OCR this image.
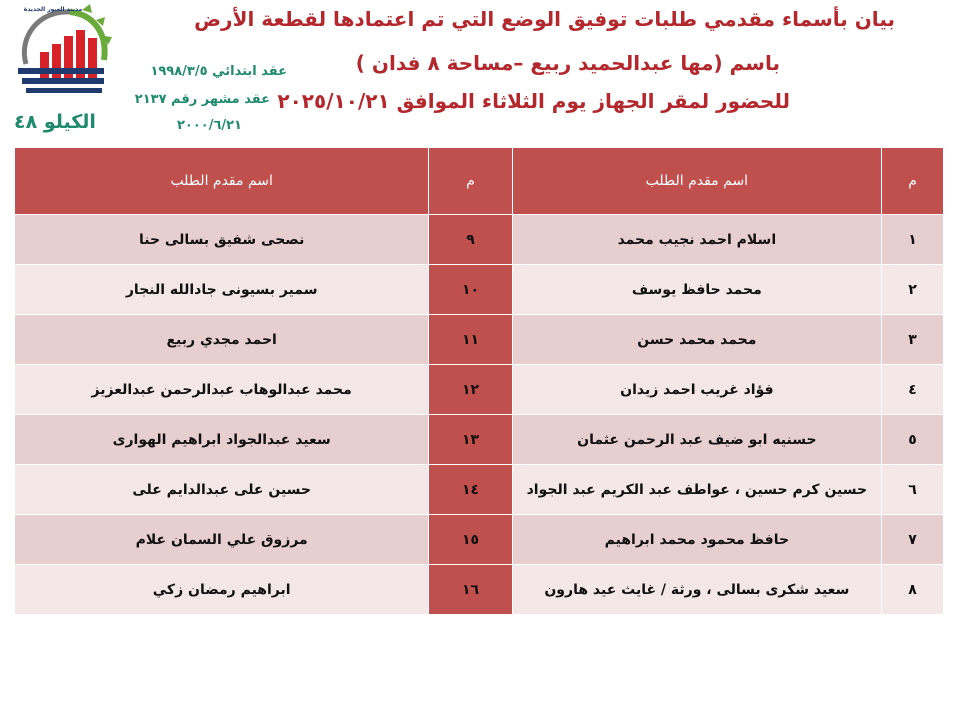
بيان بأسماء مقدمي طلبات توفيق الوضع التي تم اعتمادها لقطعة الأرض
باسم (مها عبدالحميد ربيع –مساحة ٨ فدان )
للحضور لمقر الجهاز يوم الثلاثاء الموافق ٢٠٢٥/١٠/٢١
عقد ابتدائي ١٩٩٨/٣/٥
عقد مشهر رقم ٢١٣٧
٢٠٠٠/٦/٢١
الكيلو ٤٨
مدينة العبور الجديدة
م	اسم مقدم الطلب	م	اسم مقدم الطلب
١	اسلام احمد نجيب محمد	٩	نصحى شفيق بسالى حنا
٢	محمد حافظ يوسف	١٠	سمير بسيونى جادالله النجار
٣	محمد محمد حسن	١١	احمد مجدي ربيع
٤	فؤاد غريب احمد زيدان	١٢	محمد عبدالوهاب عبدالرحمن عبدالعزيز
٥	حسنيه ابو ضيف عبد الرحمن عثمان	١٣	سعيد عبدالجواد ابراهيم الهوارى
٦	حسين كرم حسين ، عواطف عبد الكريم عبد الجواد	١٤	حسين على عبدالدايم على
٧	حافظ محمود محمد ابراهيم	١٥	مرزوق علي السمان علام
٨	سعيد شكرى بسالى ، ورثة / غايث عيد هارون	١٦	ابراهيم رمضان زكي
